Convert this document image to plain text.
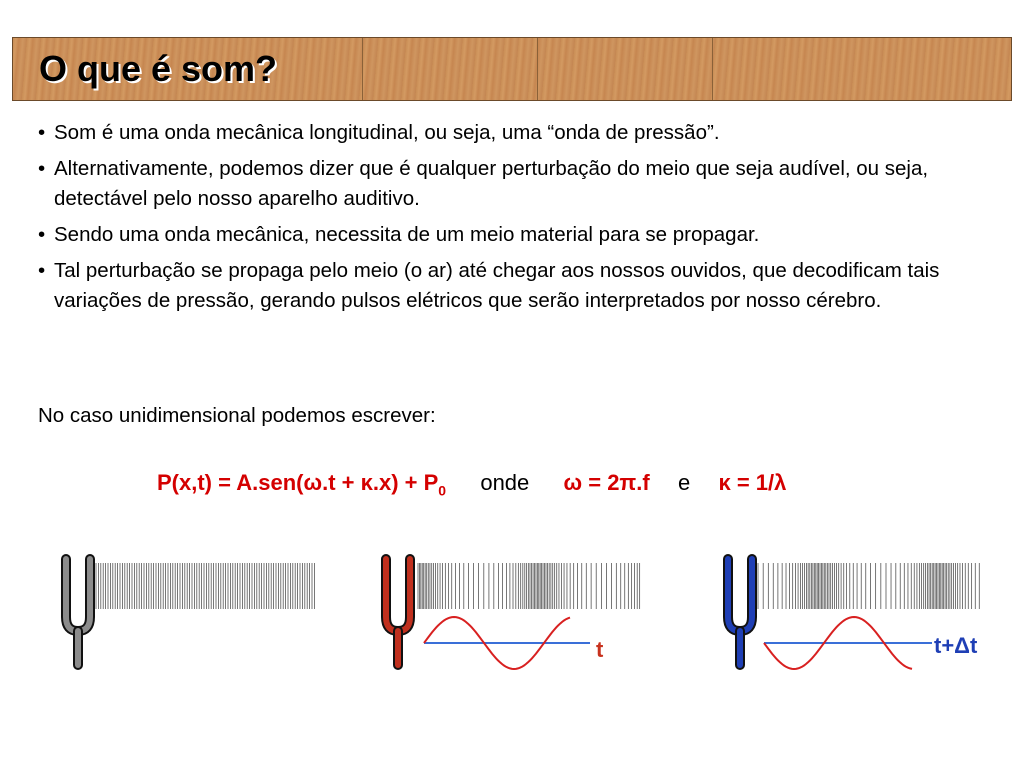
O que é som?
• Som é uma onda mecânica longitudinal, ou seja, uma “onda de pressão”.
• Alternativamente, podemos dizer que é qualquer perturbação do meio que seja audível, ou seja, detectável pelo nosso aparelho auditivo.
• Sendo uma onda mecânica, necessita de um meio material para se propagar.
• Tal perturbação se propaga pelo meio (o ar) até chegar aos nossos ouvidos, que decodificam tais variações de pressão, gerando pulsos elétricos que serão interpretados por nosso cérebro.
No caso unidimensional podemos escrever:
$P(x,t) = A.sen(\omega.t + \kappa.x) + P_0$ onde ω = 2π.f e κ = 1/λ
t	t+Δt
